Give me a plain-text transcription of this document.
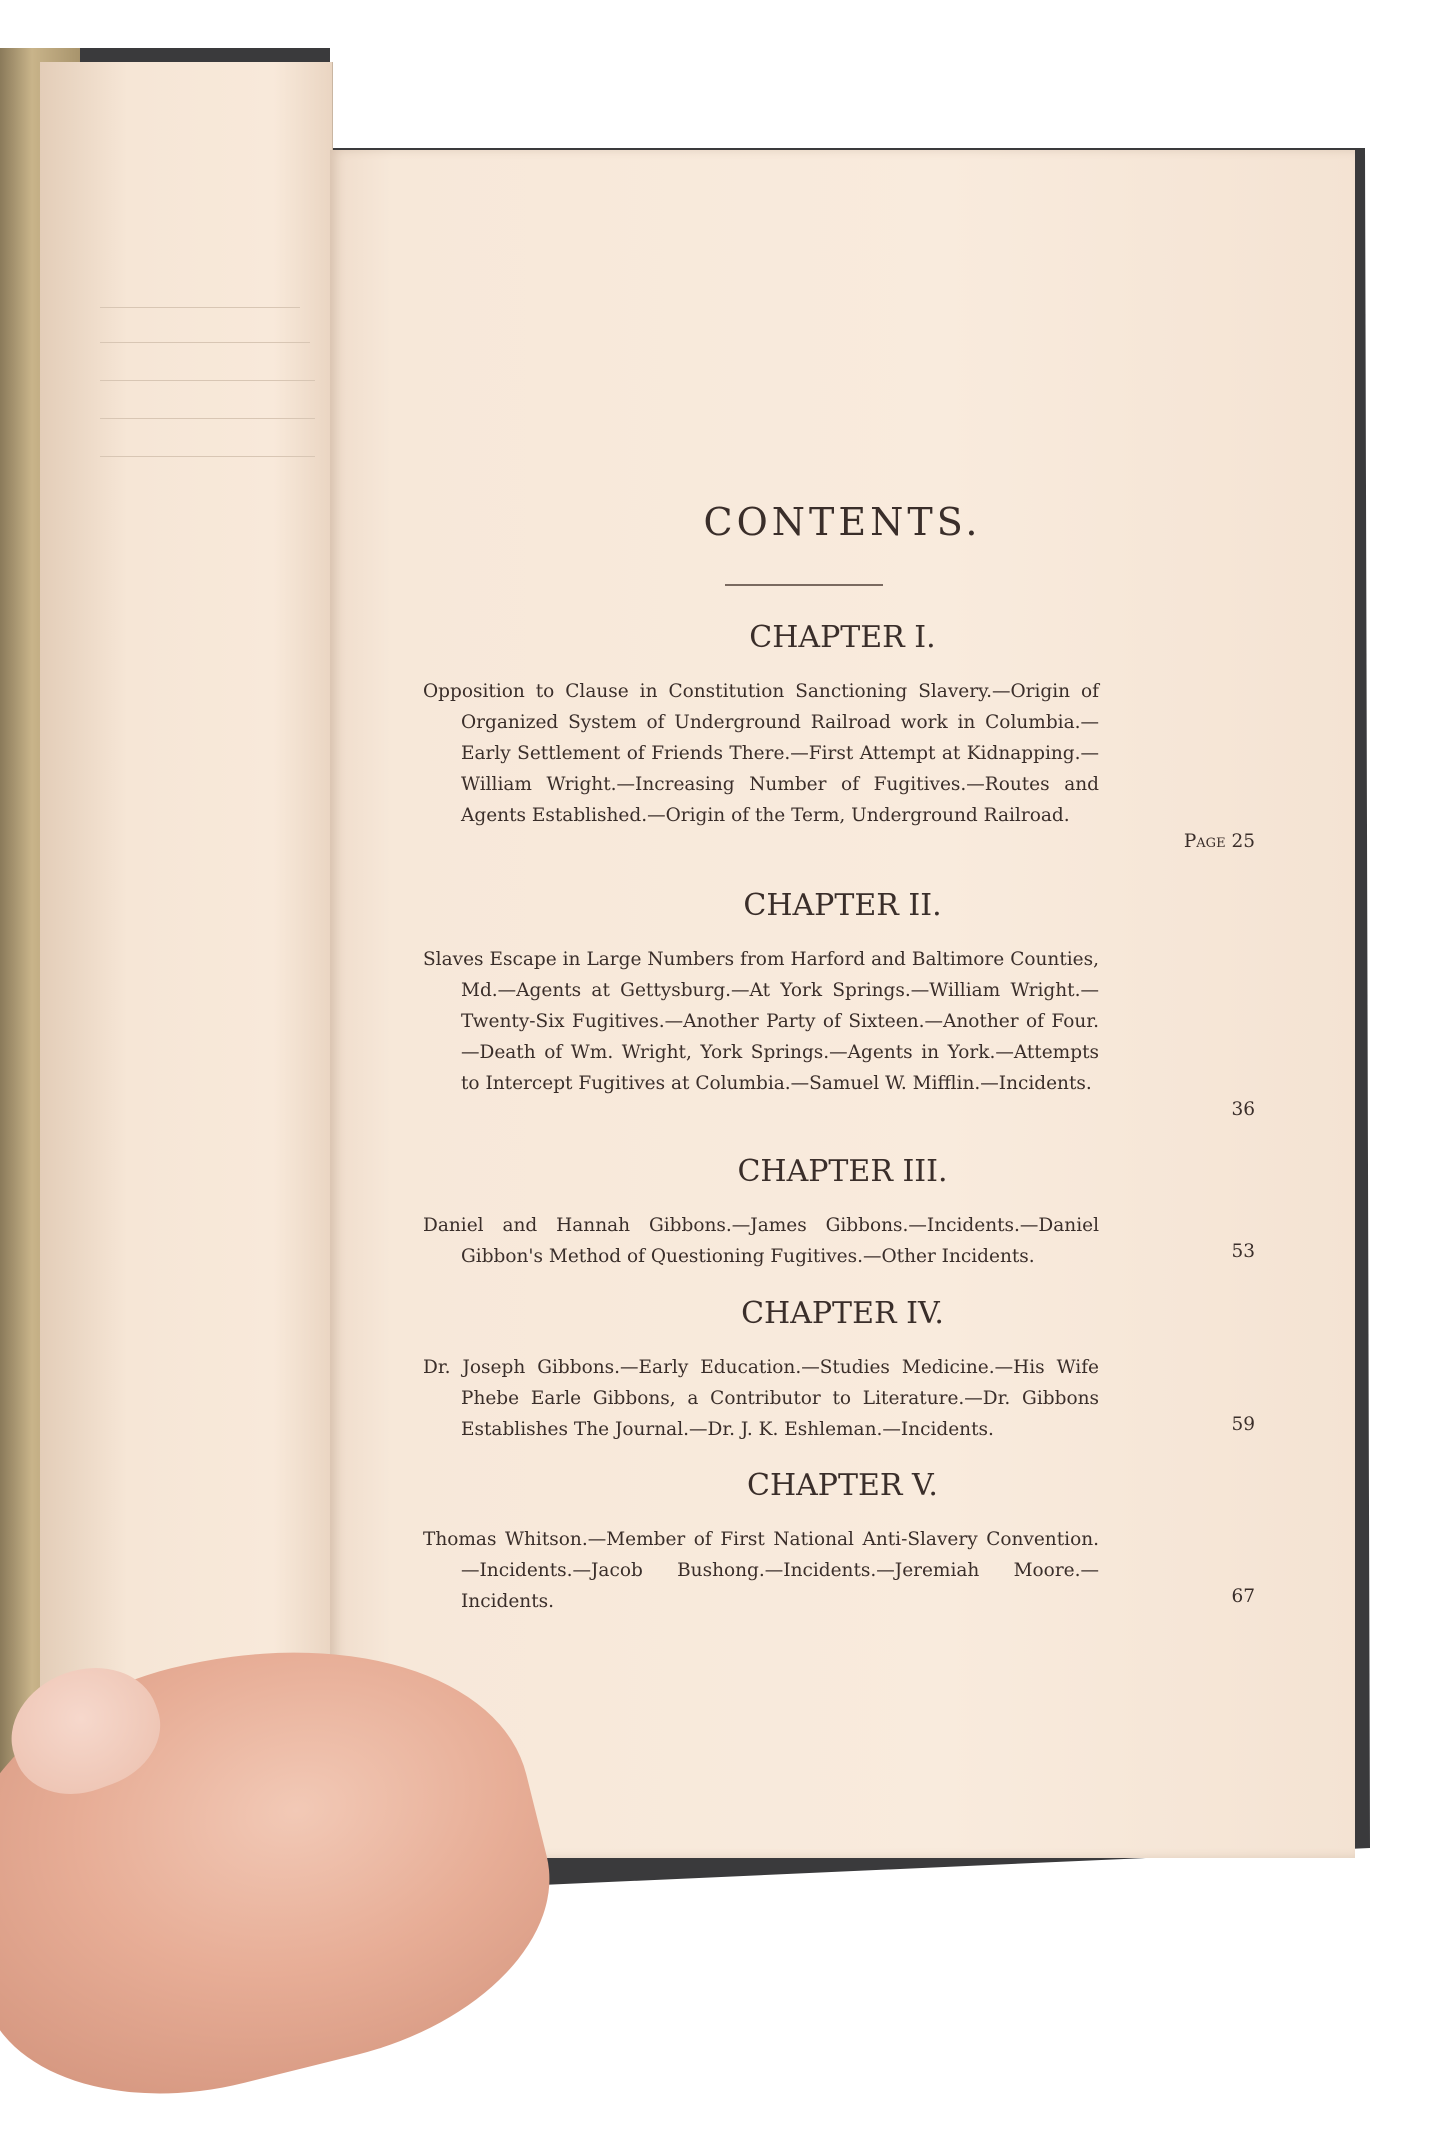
CONTENTS.
CHAPTER I.
Opposition to Clause in Constitution Sanctioning Slavery.—Origin of Organized System of Underground Railroad work in Columbia.—Early Settlement of Friends There.—First Attempt at Kidnapping.—William Wright.—Increasing Number of Fugitives.—Routes and Agents Established.—Origin of the Term, Underground Railroad.
Page 25
CHAPTER II.
Slaves Escape in Large Numbers from Harford and Baltimore Counties, Md.—Agents at Gettysburg.—At York Springs.—William Wright.—Twenty-Six Fugitives.—Another Party of Sixteen.—Another of Four.—Death of Wm. Wright, York Springs.—Agents in York.—Attempts to Intercept Fugitives at Columbia.—Samuel W. Mifflin.—Incidents.
36
CHAPTER III.
Daniel and Hannah Gibbons.—James Gibbons.—Incidents.—Daniel Gibbon's Method of Questioning Fugitives.—Other Incidents.	53
CHAPTER IV.
Dr. Joseph Gibbons.—Early Education.—Studies Medicine.—His Wife Phebe Earle Gibbons, a Contributor to Literature.—Dr. Gibbons Establishes The Journal.—Dr. J. K. Eshleman.—Incidents.	59
CHAPTER V.
Thomas Whitson.—Member of First National Anti-Slavery Convention.—Incidents.—Jacob Bushong.—Incidents.—Jeremiah Moore.—Incidents.	67
